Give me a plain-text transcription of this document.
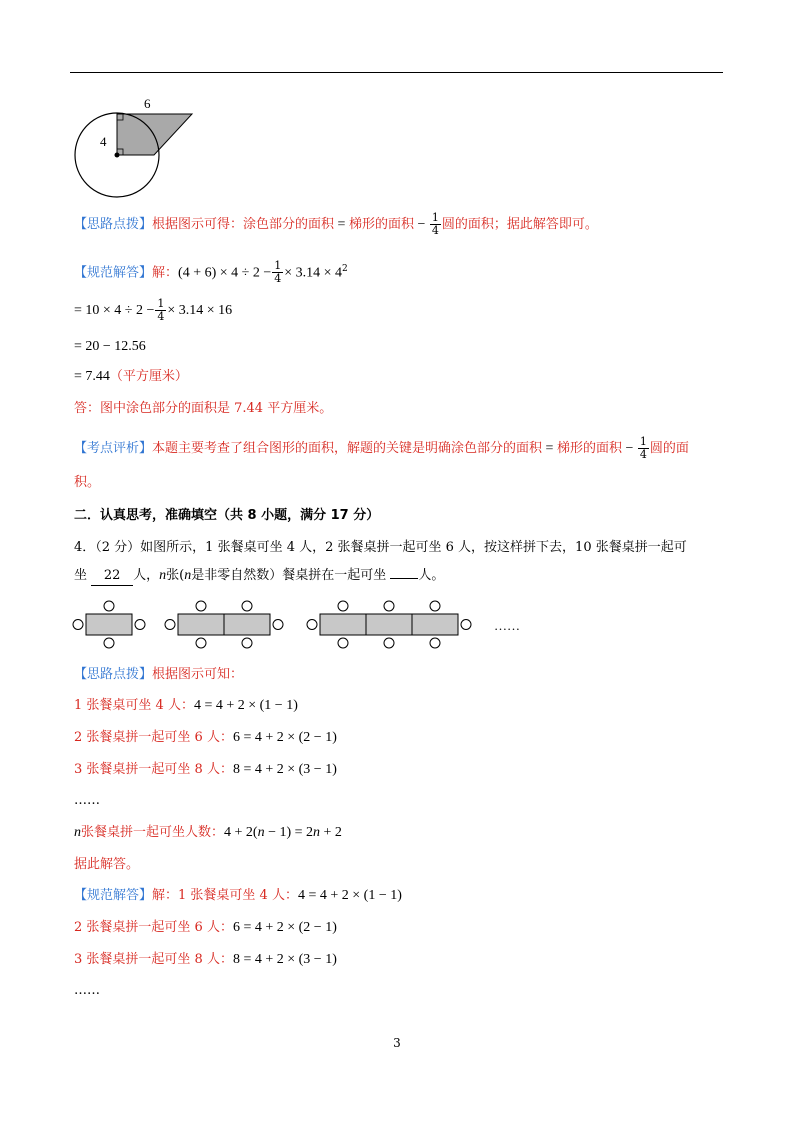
6
4
【思路点拨】根据图示可得：涂色部分的面积 = 梯形的面积 − $\frac{1}{4}$ 圆的面积；据此解答即可。
【规范解答】解：$(4 + 6) \times 4 \div 2 - \frac{1}{4} \times 3.14 \times 4^2$
= $10 \times 4 \div 2 - \frac{1}{4} \times 3.14 \times 16$
= 20 − 12.56
= 7.44（平方厘米）
答：图中涂色部分的面积是 7.44 平方厘米。
【考点评析】本题主要考查了组合图形的面积，解题的关键是明确涂色部分的面积 = 梯形的面积 − $\frac{1}{4}$ 圆的面
积。
二．认真思考，准确填空（共 8 小题，满分 17 分）
4．（2 分）如图所示，1 张餐桌可坐 4 人，2 张餐桌拼一起可坐 6 人，按这样拼下去，10 张餐桌拼一起可
坐 22 人，n张(n是非零自然数）餐桌拼在一起可坐 人。
……
【思路点拨】根据图示可知：
1 张餐桌可坐 4 人：4 = 4 + 2 × (1 − 1)
2 张餐桌拼一起可坐 6 人：6 = 4 + 2 × (2 − 1)
3 张餐桌拼一起可坐 8 人：8 = 4 + 2 × (3 − 1)
……
n张餐桌拼一起可坐人数：4 + 2(n − 1) = 2n + 2
据此解答。
【规范解答】解：1 张餐桌可坐 4 人：4 = 4 + 2 × (1 − 1)
2 张餐桌拼一起可坐 6 人：6 = 4 + 2 × (2 − 1)
3 张餐桌拼一起可坐 8 人：8 = 4 + 2 × (3 − 1)
……
3
